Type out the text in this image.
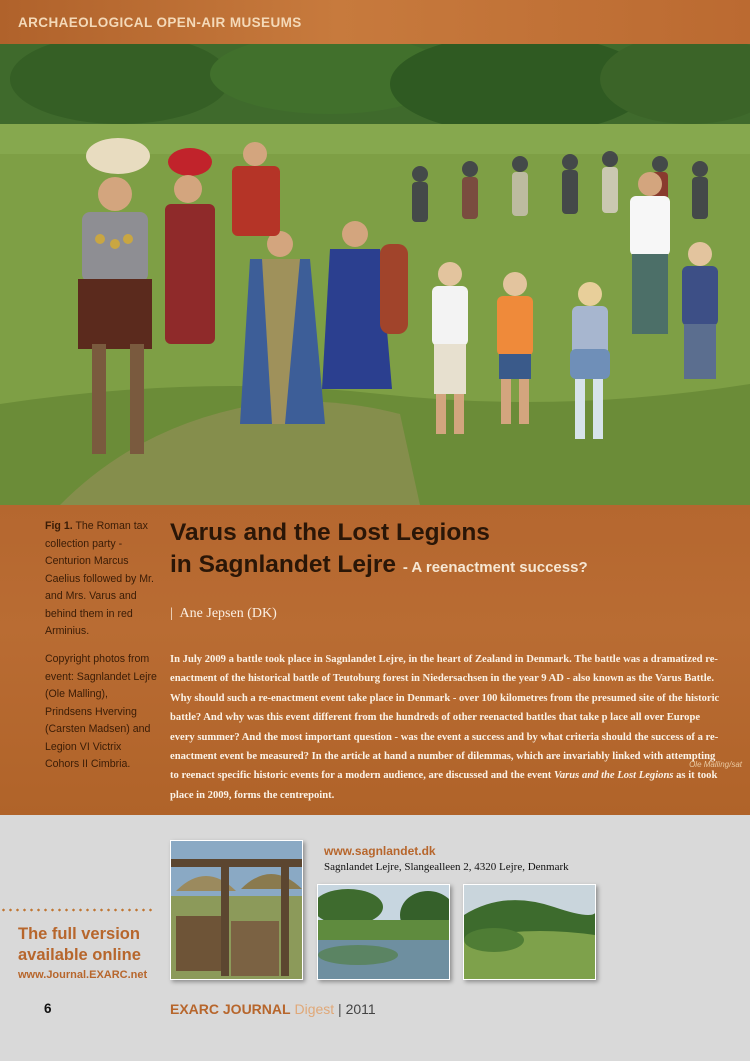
ARCHAEOLOGICAL OPEN-AIR MUSEUMS
Fig 1. The Roman tax collection party - Centurion Marcus Caelius followed by Mr. and Mrs. Varus and behind them in red Arminius.
Copyright photos from event: Sagnlandet Lejre (Ole Malling), Prindsens Hverving (Carsten Madsen) and Legion VI Victrix Cohors II Cimbria.
Varus and the Lost Legions
in Sagnlandet Lejre - A reenactment success?
| Ane Jepsen (DK)
In July 2009 a battle took place in Sagnlandet Lejre, in the heart of Zealand in Denmark. The battle was a dramatized re-enactment of the historical battle of Teutoburg forest in Niedersachsen in the year 9 AD - also known as the Varus Battle. Why should such a re-enactment event take place in Denmark - over 100 kilometres from the presumed site of the historic battle? And why was this event different from the hundreds of other reenacted battles that take p lace all over Europe every summer? And the most important question - was the event a success and by what criteria should the success of a re-enactment event be measured? In the article at hand a number of dilemmas, which are invariably linked with attempting to reenact specific historic events for a modern audience, are discussed and the event Varus and the Lost Legions as it took place in 2009, forms the centrepoint.
Ole Malling/sat
www.sagnlandet.dk
Sagnlandet Lejre, Slangealleen 2, 4320 Lejre, Denmark
The full version
available online
www.Journal.EXARC.net
6	EXARC JOURNAL Digest | 2011
